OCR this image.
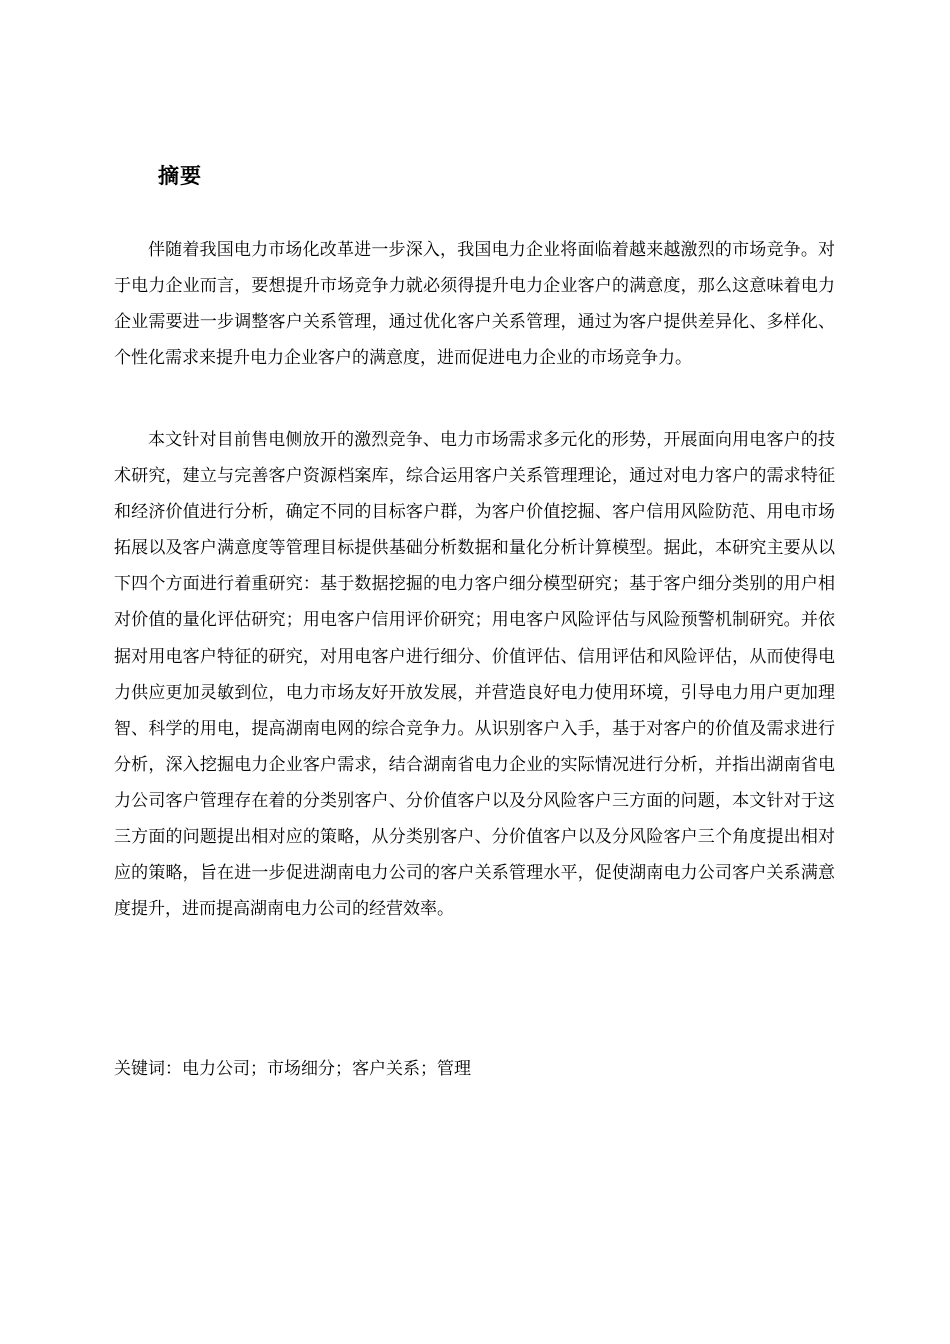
摘要

伴随着我国电力市场化改革进一步深入，我国电力企业将面临着越来越激烈的市场竞争。对于电力企业而言，要想提升市场竞争力就必须得提升电力企业客户的满意度，那么这意味着电力企业需要进一步调整客户关系管理，通过优化客户关系管理，通过为客户提供差异化、多样化、个性化需求来提升电力企业客户的满意度，进而促进电力企业的市场竞争力。

本文针对目前售电侧放开的激烈竞争、电力市场需求多元化的形势，开展面向用电客户的技术研究，建立与完善客户资源档案库，综合运用客户关系管理理论，通过对电力客户的需求特征和经济价值进行分析，确定不同的目标客户群，为客户价值挖掘、客户信用风险防范、用电市场拓展以及客户满意度等管理目标提供基础分析数据和量化分析计算模型。据此，本研究主要从以下四个方面进行着重研究：基于数据挖掘的电力客户细分模型研究；基于客户细分类别的用户相对价值的量化评估研究；用电客户信用评价研究；用电客户风险评估与风险预警机制研究。并依据对用电客户特征的研究，对用电客户进行细分、价值评估、信用评估和风险评估，从而使得电力供应更加灵敏到位，电力市场友好开放发展，并营造良好电力使用环境，引导电力用户更加理智、科学的用电，提高湖南电网的综合竞争力。从识别客户入手，基于对客户的价值及需求进行分析，深入挖掘电力企业客户需求，结合湖南省电力企业的实际情况进行分析，并指出湖南省电力公司客户管理存在着的分类别客户、分价值客户以及分风险客户三方面的问题，本文针对于这三方面的问题提出相对应的策略，从分类别客户、分价值客户以及分风险客户三个角度提出相对应的策略，旨在进一步促进湖南电力公司的客户关系管理水平，促使湖南电力公司客户关系满意度提升，进而提高湖南电力公司的经营效率。

关键词：电力公司；市场细分；客户关系；管理
